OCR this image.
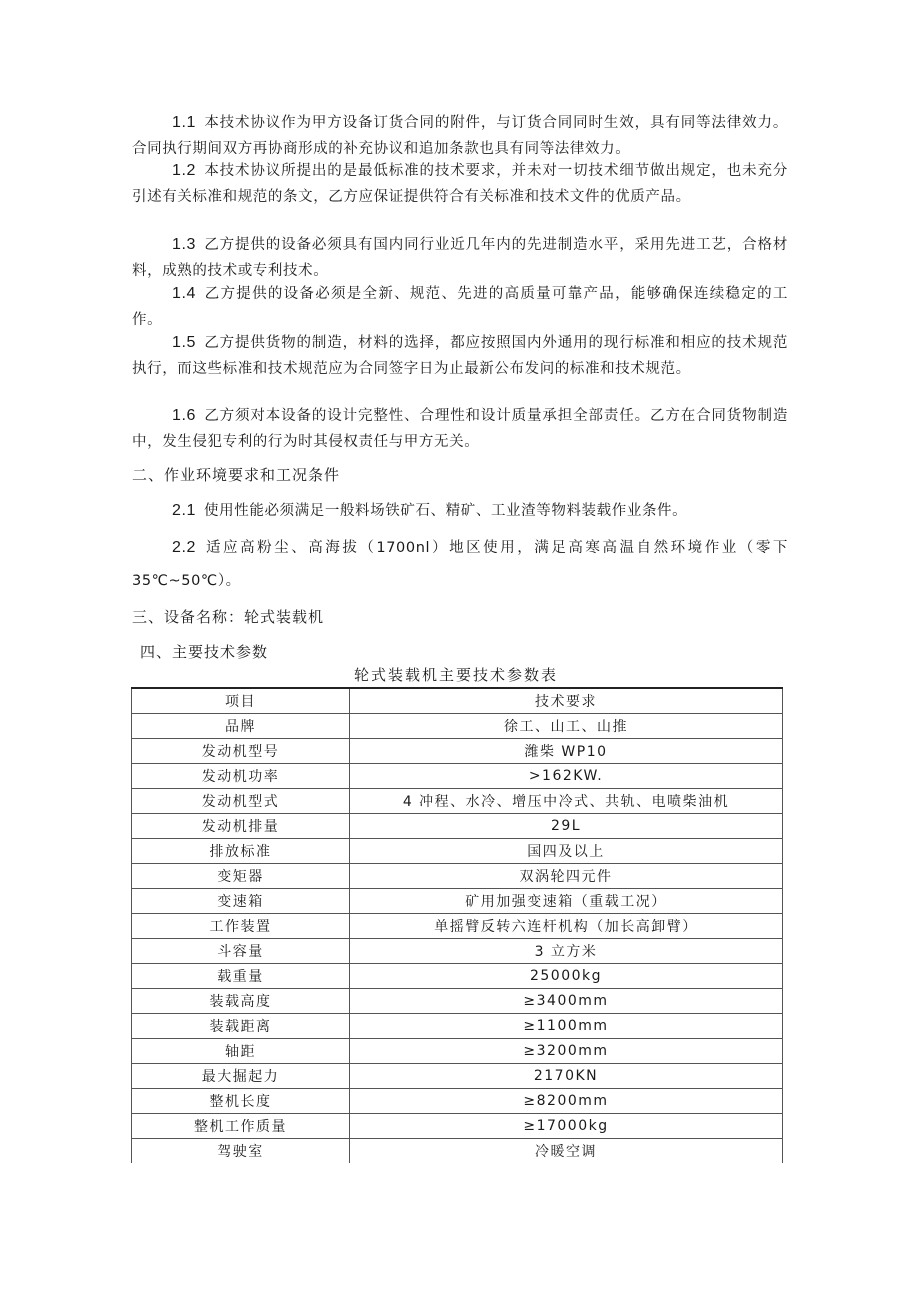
1.1 本技术协议作为甲方设备订货合同的附件，与订货合同同时生效，具有同等法律效力。合同执行期间双方再协商形成的补充协议和追加条款也具有同等法律效力。
1.2 本技术协议所提出的是最低标准的技术要求，并未对一切技术细节做出规定，也未充分引述有关标准和规范的条文，乙方应保证提供符合有关标准和技术文件的优质产品。
1.3 乙方提供的设备必须具有国内同行业近几年内的先进制造水平，采用先进工艺，合格材料，成熟的技术或专利技术。
1.4 乙方提供的设备必须是全新、规范、先进的高质量可靠产品，能够确保连续稳定的工作。
1.5 乙方提供货物的制造，材料的选择，都应按照国内外通用的现行标准和相应的技术规范执行，而这些标准和技术规范应为合同签字日为止最新公布发问的标准和技术规范。
1.6 乙方须对本设备的设计完整性、合理性和设计质量承担全部责任。乙方在合同货物制造中，发生侵犯专利的行为时其侵权责任与甲方无关。
二、作业环境要求和工况条件
2.1 使用性能必须满足一般料场铁矿石、精矿、工业渣等物料装载作业条件。
2.2 适应高粉尘、高海拔（1700nl）地区使用，满足高寒高温自然环境作业（零下35℃~50℃）。
三、设备名称：轮式装载机
四、主要技术参数
轮式装载机主要技术参数表
项目	技术要求
品牌	徐工、山工、山推
发动机型号	潍柴 WP10
发动机功率	>162KW.
发动机型式	4 冲程、水冷、增压中冷式、共轨、电喷柴油机
发动机排量	29L
排放标准	国四及以上
变矩器	双涡轮四元件
变速箱	矿用加强变速箱（重载工况）
工作装置	单摇臂反转六连杆机构（加长高卸臂）
斗容量	3 立方米
载重量	25000kg
装载高度	≥3400mm
装载距离	≥1100mm
轴距	≥3200mm
最大掘起力	2170KN
整机长度	≥8200mm
整机工作质量	≥17000kg
驾驶室	冷暖空调
